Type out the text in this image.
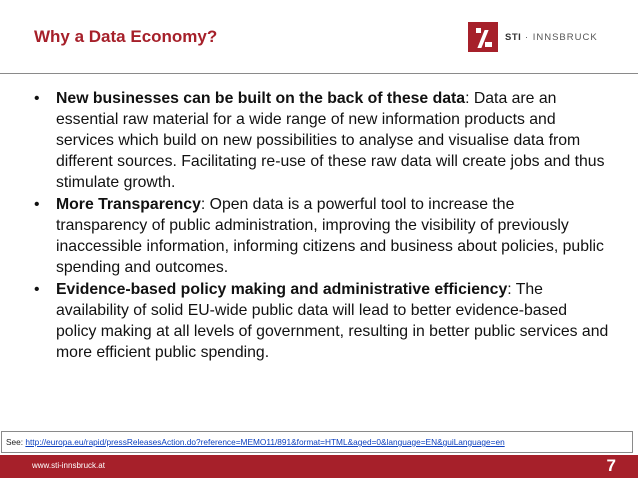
Why a Data Economy?	STI · INNSBRUCK
• New businesses can be built on the back of these data: Data are an essential raw material for a wide range of new information products and services which build on new possibilities to analyse and visualise data from different sources. Facilitating re-use of these raw data will create jobs and thus stimulate growth.
• More Transparency: Open data is a powerful tool to increase the transparency of public administration, improving the visibility of previously inaccessible information, informing citizens and business about policies, public spending and outcomes.
• Evidence-based policy making and administrative efficiency: The availability of solid EU-wide public data will lead to better evidence-based policy making at all levels of government, resulting in better public services and more efficient public spending.
See: http://europa.eu/rapid/pressReleasesAction.do?reference=MEMO11/891&format=HTML&aged=0&language=EN&guiLanguage=en
www.sti-innsbruck.at	7
